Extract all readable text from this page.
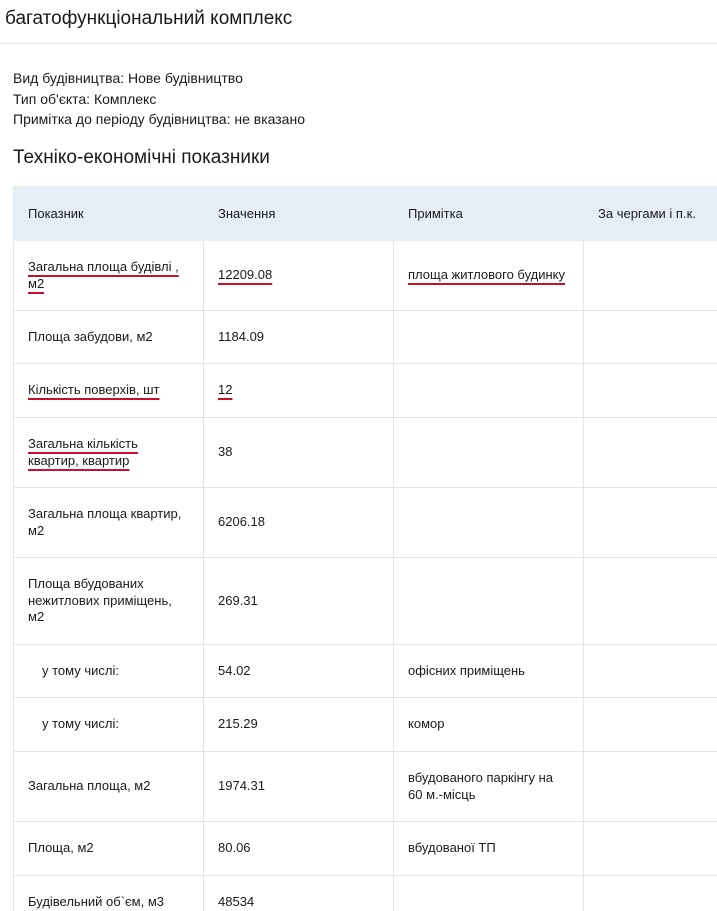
багатофункціональний комплекс
Вид будівництва: Нове будівництво
Тип об'єкта: Комплекс
Примітка до періоду будівництва: не вказано
Техніко-економічні показники
Показник	Значення	Примітка	За чергами і п.к.
Загальна площа будівлі , м2	12209.08	площа житлового будинку	
Площа забудови, м2	1184.09		
Кількість поверхів, шт	12		
Загальна кількість квартир, квартир	38		
Загальна площа квартир, м2	6206.18		
Площа вбудованих нежитлових приміщень, м2	269.31		
у тому числі:	54.02	офісних приміщень	
у тому числі:	215.29	комор	
Загальна площа, м2	1974.31	вбудованого паркінгу на 60 м.-місць	
Площа, м2	80.06	вбудованої ТП	
Будівельний об`єм, м3	48534		
